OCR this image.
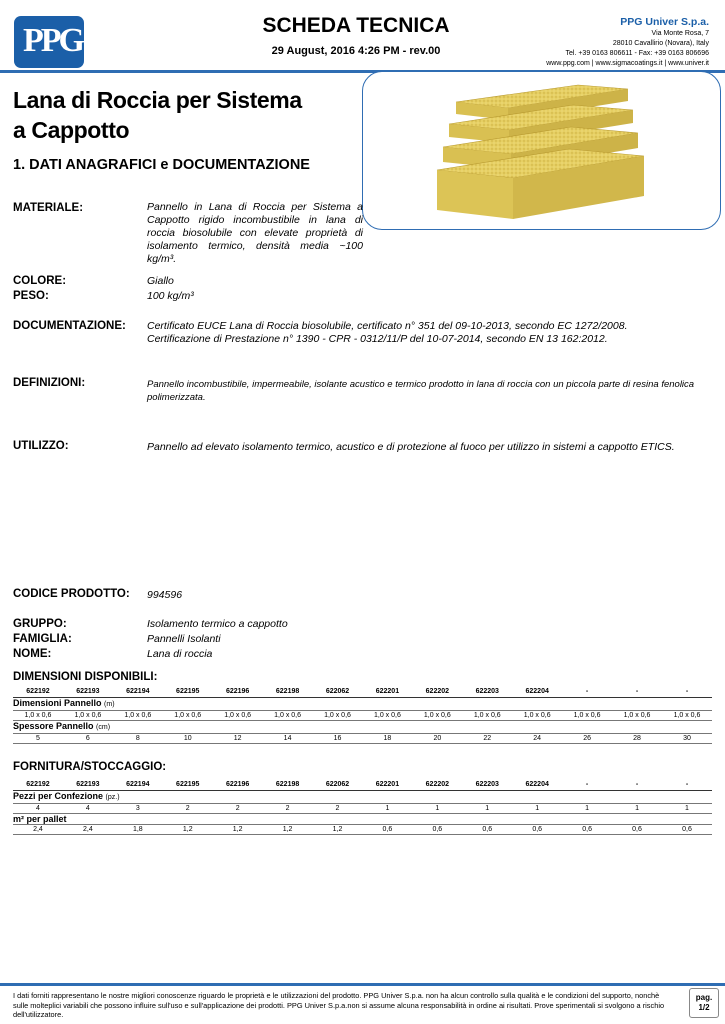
PPG	SCHEDA TECNICA
29 August, 2016 4:26 PM - rev.00
PPG Univer S.p.a.
Via Monte Rosa, 7
28010 Cavallirio (Novara), Italy
Tel. +39 0163 806611 - Fax: +39 0163 806696
www.ppg.com | www.sigmacoatings.it | www.univer.it
Lana di Roccia per Sistema
a Cappotto
1. DATI ANAGRAFICI e DOCUMENTAZIONE
MATERIALE:	Pannello in Lana di Roccia per Sistema a Cappotto rigido incombustibile in lana di roccia biosolubile con elevate proprietà di isolamento termico, densità media ~100 kg/m³.
COLORE:	Giallo
PESO:	100 kg/m³
DOCUMENTAZIONE: Certificato EUCE Lana di Roccia biosolubile, certificato n° 351 del 09-10-2013, secondo EC 1272/2008.
Certificazione di Prestazione n° 1390 - CPR - 0312/11/P del 10-07-2014, secondo EN 13 162:2012.
DEFINIZIONI:	Pannello incombustibile, impermeabile, isolante acustico e termico prodotto in lana di roccia con un piccola parte di resina fenolica polimerizzata.
UTILIZZO:	Pannello ad elevato isolamento termico, acustico e di protezione al fuoco per utilizzo in sistemi a cappotto ETICS.
CODICE PRODOTTO: 994596
GRUPPO:	Isolamento termico a cappotto
FAMIGLIA:	Pannelli Isolanti
NOME:	Lana di roccia
DIMENSIONI DISPONIBILI:
622192	622193	622194	622195	622196	622198	622062	622201	622202	622203	622204	-	-	-
Dimensioni Pannello (m)													
1,0 x 0,6	1,0 x 0,6	1,0 x 0,6	1,0 x 0,6	1,0 x 0,6	1,0 x 0,6	1,0 x 0,6	1,0 x 0,6	1,0 x 0,6	1,0 x 0,6	1,0 x 0,6	1,0 x 0,6	1,0 x 0,6	1,0 x 0,6
Spessore Pannello (cm)													
5	6	8	10	12	14	16	18	20	22	24	26	28	30
FORNITURA/STOCCAGGIO:
622192	622193	622194	622195	622196	622198	622062	622201	622202	622203	622204	-	-	-
Pezzi per Confezione (pz.)													
4	4	3	2	2	2	2	1	1	1	1	1	1	1
m² per pallet													
2,4	2,4	1,8	1,2	1,2	1,2	1,2	0,6	0,6	0,6	0,6	0,6	0,6	0,6
I dati forniti rappresentano le nostre migliori conoscenze riguardo le proprietà e le utilizzazioni del prodotto. PPG Univer S.p.a. non ha alcun controllo sulla qualità e le condizioni del supporto, nonchè sulle molteplici variabili che possono influire sull'uso e sull'applicazione dei prodotti. PPG Univer S.p.a.non si assume alcuna responsabilità in ordine ai risultati. Prove sperimentali si svolgono a rischio dell'utilizzatore.
pag.
1/2
